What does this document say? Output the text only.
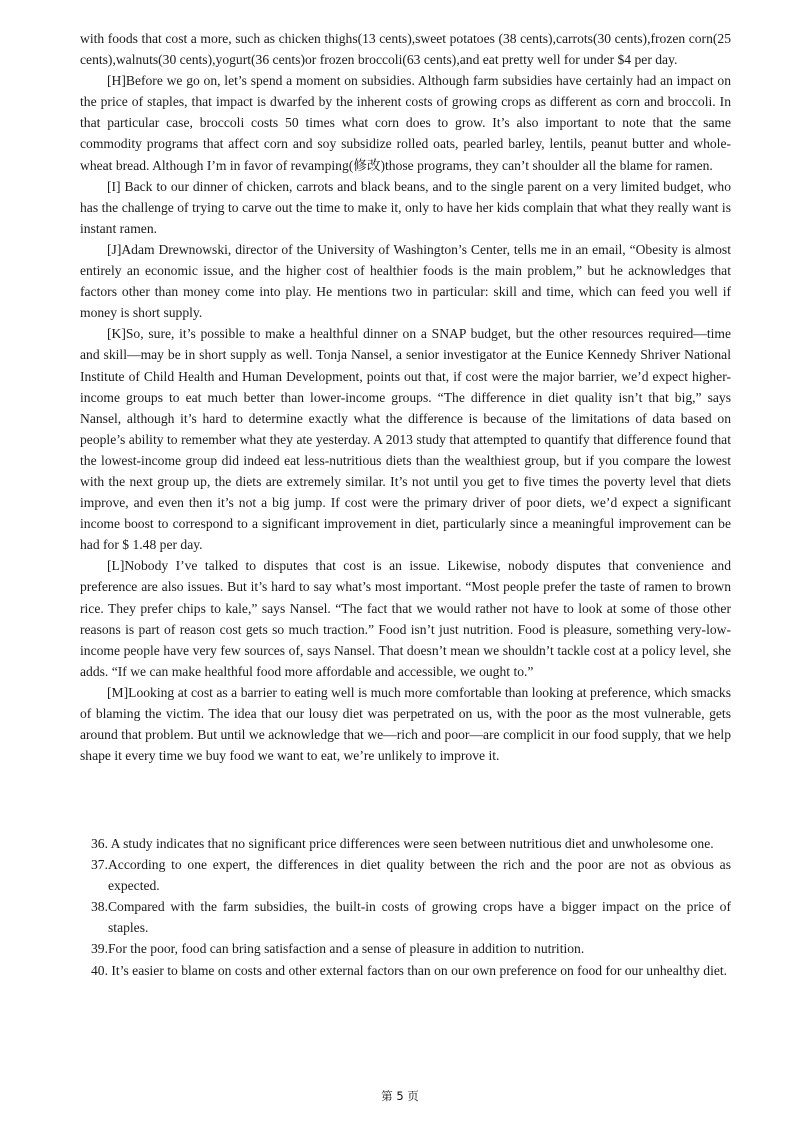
with foods that cost a more, such as chicken thighs(13 cents),sweet potatoes (38 cents),carrots(30 cents),frozen corn(25 cents),walnuts(30 cents),yogurt(36 cents)or frozen broccoli(63 cents),and eat pretty well for under $4 per day.

[H]Before we go on, let’s spend a moment on subsidies. Although farm subsidies have certainly had an impact on the price of staples, that impact is dwarfed by the inherent costs of growing crops as different as corn and broccoli. In that particular case, broccoli costs 50 times what corn does to grow. It’s also important to note that the same commodity programs that affect corn and soy subsidize rolled oats, pearled barley, lentils, peanut butter and whole-wheat bread. Although I’m in favor of revamping(修改)those programs, they can’t shoulder all the blame for ramen.

[I] Back to our dinner of chicken, carrots and black beans, and to the single parent on a very limited budget, who has the challenge of trying to carve out the time to make it, only to have her kids complain that what they really want is instant ramen.

[J]Adam Drewnowski, director of the University of Washington’s Center, tells me in an email, “Obesity is almost entirely an economic issue, and the higher cost of healthier foods is the main problem,” but he acknowledges that factors other than money come into play. He mentions two in particular: skill and time, which can feed you well if money is short supply.

[K]So, sure, it’s possible to make a healthful dinner on a SNAP budget, but the other resources required—time and skill—may be in short supply as well. Tonja Nansel, a senior investigator at the Eunice Kennedy Shriver National Institute of Child Health and Human Development, points out that, if cost were the major barrier, we’d expect higher-income groups to eat much better than lower-income groups. “The difference in diet quality isn’t that big,” says Nansel, although it’s hard to determine exactly what the difference is because of the limitations of data based on people’s ability to remember what they ate yesterday. A 2013 study that attempted to quantify that difference found that the lowest-income group did indeed eat less-nutritious diets than the wealthiest group, but if you compare the lowest with the next group up, the diets are extremely similar. It’s not until you get to five times the poverty level that diets improve, and even then it’s not a big jump. If cost were the primary driver of poor diets, we’d expect a significant income boost to correspond to a significant improvement in diet, particularly since a meaningful improvement can be had for $ 1.48 per day.

[L]Nobody I’ve talked to disputes that cost is an issue. Likewise, nobody disputes that convenience and preference are also issues. But it’s hard to say what’s most important. “Most people prefer the taste of ramen to brown rice. They prefer chips to kale,” says Nansel. “The fact that we would rather not have to look at some of those other reasons is part of reason cost gets so much traction.” Food isn’t just nutrition. Food is pleasure, something very-low-income people have very few sources of, says Nansel. That doesn’t mean we shouldn’t tackle cost at a policy level, she adds. “If we can make healthful food more affordable and accessible, we ought to.”

[M]Looking at cost as a barrier to eating well is much more comfortable than looking at preference, which smacks of blaming the victim. The idea that our lousy diet was perpetrated on us, with the poor as the most vulnerable, gets around that problem. But until we acknowledge that we—rich and poor—are complicit in our food supply, that we help shape it every time we buy food we want to eat, we’re unlikely to improve it.

36. A study indicates that no significant price differences were seen between nutritious diet and unwholesome one.

37.According to one expert, the differences in diet quality between the rich and the poor are not as obvious as expected.

38.Compared with the farm subsidies, the built-in costs of growing crops have a bigger impact on the price of staples.

39.For the poor, food can bring satisfaction and a sense of pleasure in addition to nutrition.

40. It’s easier to blame on costs and other external factors than on our own preference on food for our unhealthy diet.

第 5 页
